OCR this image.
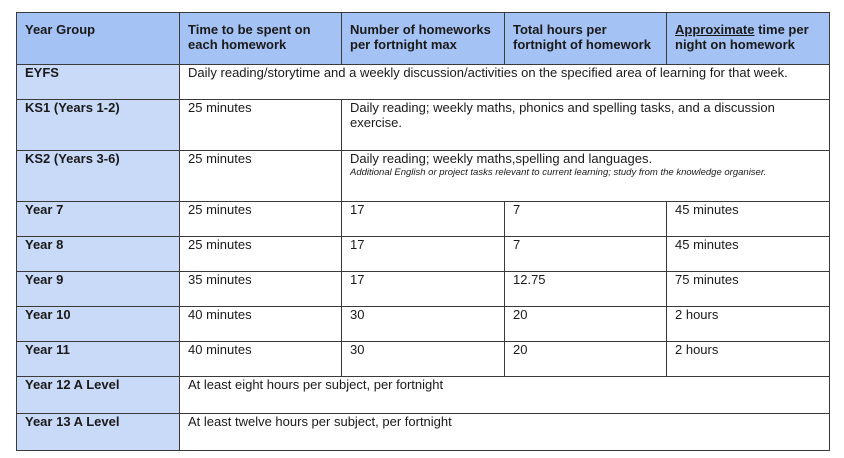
Year Group	Time to be spent on each homework	Number of homeworks per fortnight max	Total hours per fortnight of homework	Approximate time per night on homework
EYFS	Daily reading/storytime and a weekly discussion/activities on the specified area of learning for that week.			
KS1 (Years 1-2)	25 minutes	Daily reading; weekly maths, phonics and spelling tasks, and a discussion exercise.		
KS2 (Years 3-6)	25 minutes	Daily reading; weekly maths,spelling and languages.
Additional English or project tasks relevant to current learning; study from the knowledge organiser.		

Year 7	25 minutes	17	7	45 minutes
Year 8	25 minutes	17	7	45 minutes
Year 9	35 minutes	17	12.75	75 minutes
Year 10	40 minutes	30	20	2 hours
Year 11	40 minutes	30	20	2 hours
Year 12 A Level	At least eight hours per subject, per fortnight			
Year 13 A Level	At least twelve hours per subject, per fortnight			
